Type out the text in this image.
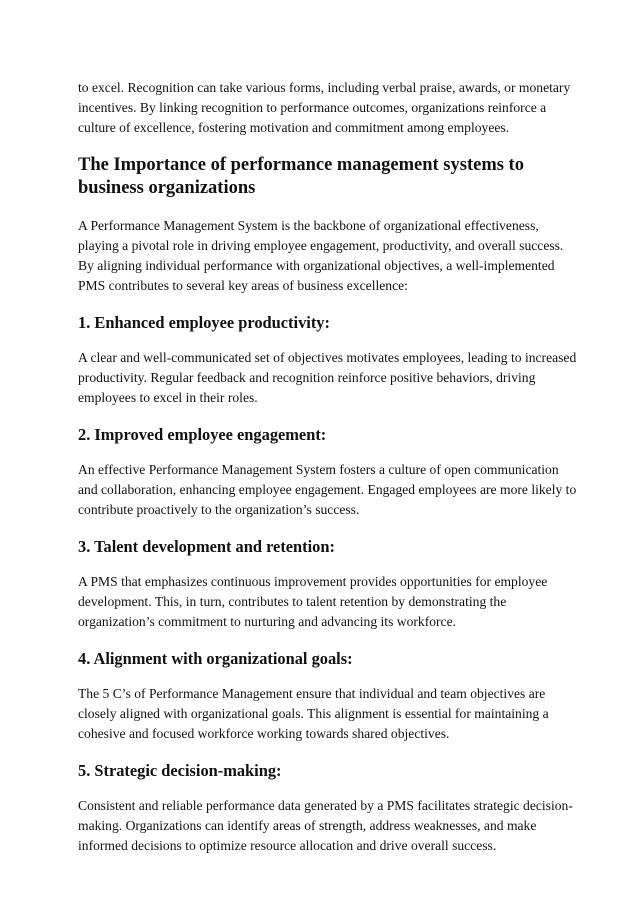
to excel. Recognition can take various forms, including verbal praise, awards, or monetary incentives. By linking recognition to performance outcomes, organizations reinforce a culture of excellence, fostering motivation and commitment among employees.

The Importance of performance management systems to business organizations

A Performance Management System is the backbone of organizational effectiveness, playing a pivotal role in driving employee engagement, productivity, and overall success. By aligning individual performance with organizational objectives, a well-implemented PMS contributes to several key areas of business excellence:

1. Enhanced employee productivity:

A clear and well-communicated set of objectives motivates employees, leading to increased productivity. Regular feedback and recognition reinforce positive behaviors, driving employees to excel in their roles.

2. Improved employee engagement:

An effective Performance Management System fosters a culture of open communication and collaboration, enhancing employee engagement. Engaged employees are more likely to contribute proactively to the organization’s success.

3. Talent development and retention:

A PMS that emphasizes continuous improvement provides opportunities for employee development. This, in turn, contributes to talent retention by demonstrating the organization’s commitment to nurturing and advancing its workforce.

4. Alignment with organizational goals:

The 5 C’s of Performance Management ensure that individual and team objectives are closely aligned with organizational goals. This alignment is essential for maintaining a cohesive and focused workforce working towards shared objectives.

5. Strategic decision-making:

Consistent and reliable performance data generated by a PMS facilitates strategic decision-making. Organizations can identify areas of strength, address weaknesses, and make informed decisions to optimize resource allocation and drive overall success.
